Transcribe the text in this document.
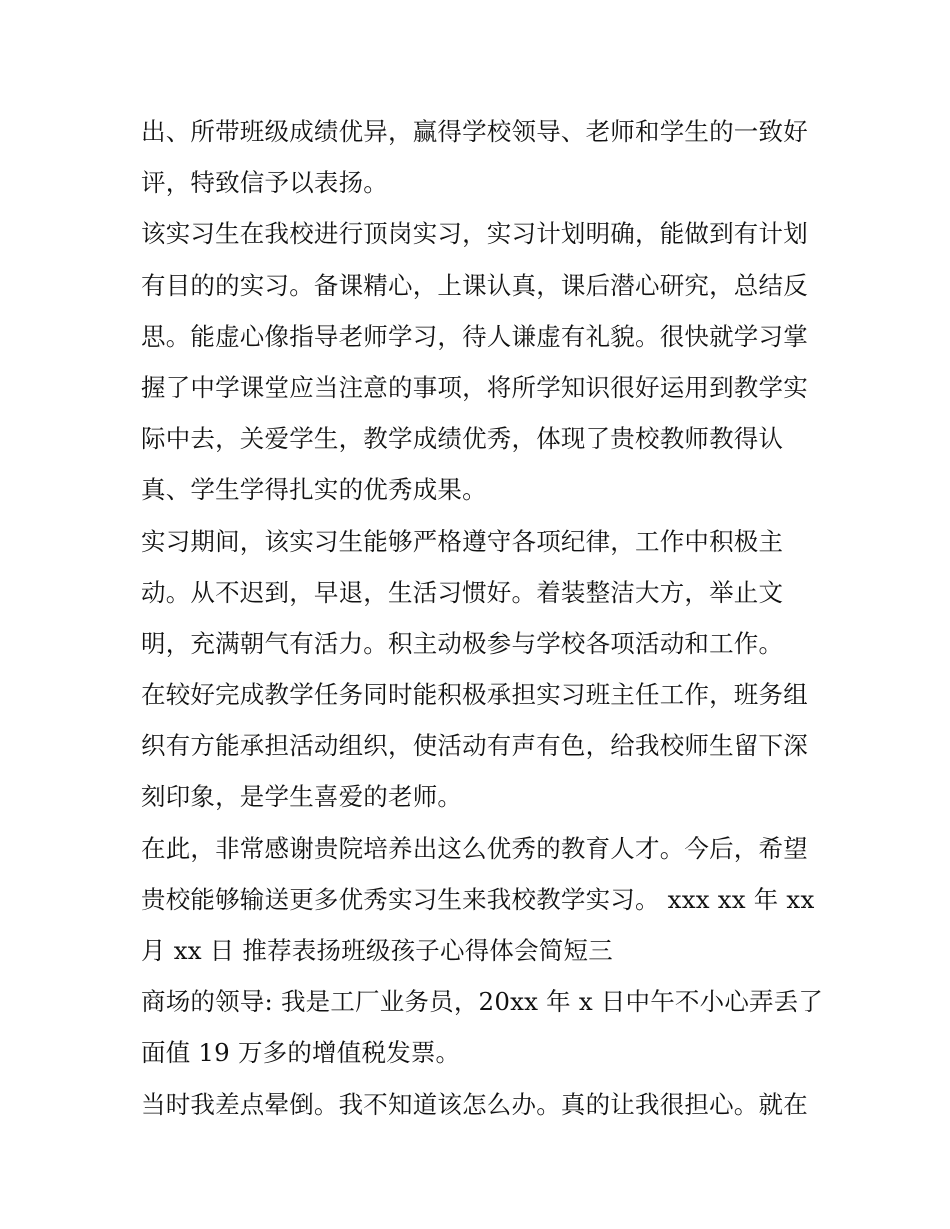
出、所带班级成绩优异，赢得学校领导、老师和学生的一致好
评，特致信予以表扬。
该实习生在我校进行顶岗实习，实习计划明确，能做到有计划
有目的的实习。备课精心，上课认真，课后潜心研究，总结反
思。能虚心像指导老师学习，待人谦虚有礼貌。很快就学习掌
握了中学课堂应当注意的事项，将所学知识很好运用到教学实
际中去，关爱学生，教学成绩优秀，体现了贵校教师教得认
真、学生学得扎实的优秀成果。
实习期间，该实习生能够严格遵守各项纪律，工作中积极主
动。从不迟到，早退，生活习惯好。着装整洁大方，举止文
明，充满朝气有活力。积主动极参与学校各项活动和工作。
在较好完成教学任务同时能积极承担实习班主任工作，班务组
织有方能承担活动组织，使活动有声有色，给我校师生留下深
刻印象，是学生喜爱的老师。
在此，非常感谢贵院培养出这么优秀的教育人才。今后，希望
贵校能够输送更多优秀实习生来我校教学实习。 xxx xx 年 xx
月 xx 日 推荐表扬班级孩子心得体会简短三
商场的领导: 我是工厂业务员，20xx 年 x 日中午不小心弄丢了
面值 19 万多的增值税发票。
当时我差点晕倒。我不知道该怎么办。真的让我很担心。就在
